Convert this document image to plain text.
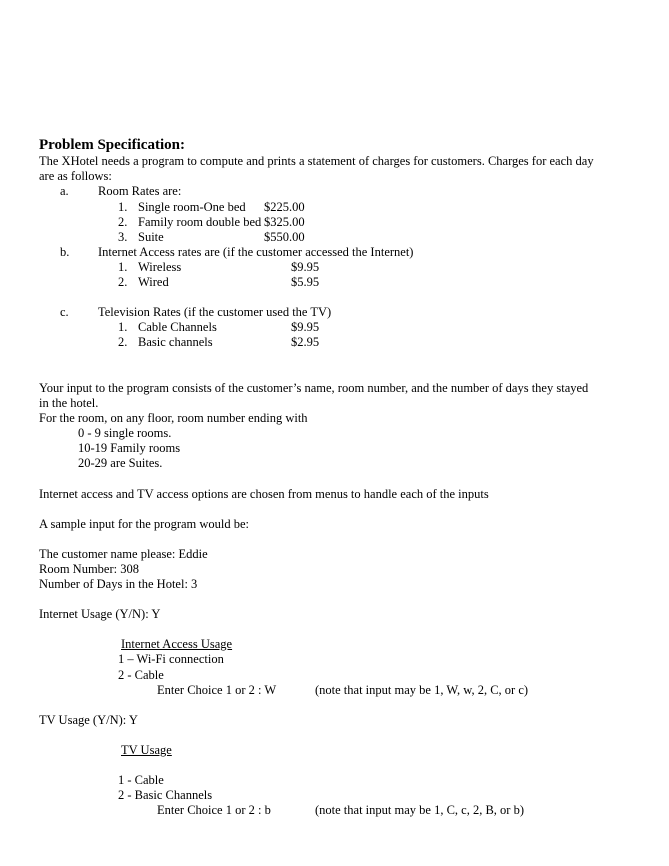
Problem Specification:
The XHotel needs a program to compute and prints a statement of charges for customers. Charges for each day
are as follows:
a. Room Rates are:
1. Single room-One bed $225.00
2. Family room double bed $325.00
3. Suite	$550.00
b. Internet Access rates are (if the customer accessed the Internet)
1. Wireless	$9.95
2. Wired	$5.95
c. Television Rates (if the customer used the TV)
1. Cable Channels	$9.95
2. Basic channels	$2.95
Your input to the program consists of the customer’s name, room number, and the number of days they stayed
in the hotel.
For the room, on any floor, room number ending with
0 - 9 single rooms.
10-19 Family rooms
20-29 are Suites.
Internet access and TV access options are chosen from menus to handle each of the inputs
A sample input for the program would be:
The customer name please: Eddie
Room Number: 308
Number of Days in the Hotel: 3
Internet Usage (Y/N): Y
Internet Access Usage
1 – Wi-Fi connection
2 - Cable
Enter Choice 1 or 2 : W	(note that input may be 1, W, w, 2, C, or c)
TV Usage (Y/N): Y
TV Usage
1 - Cable
2 - Basic Channels
Enter Choice 1 or 2 : b	(note that input may be 1, C, c, 2, B, or b)
